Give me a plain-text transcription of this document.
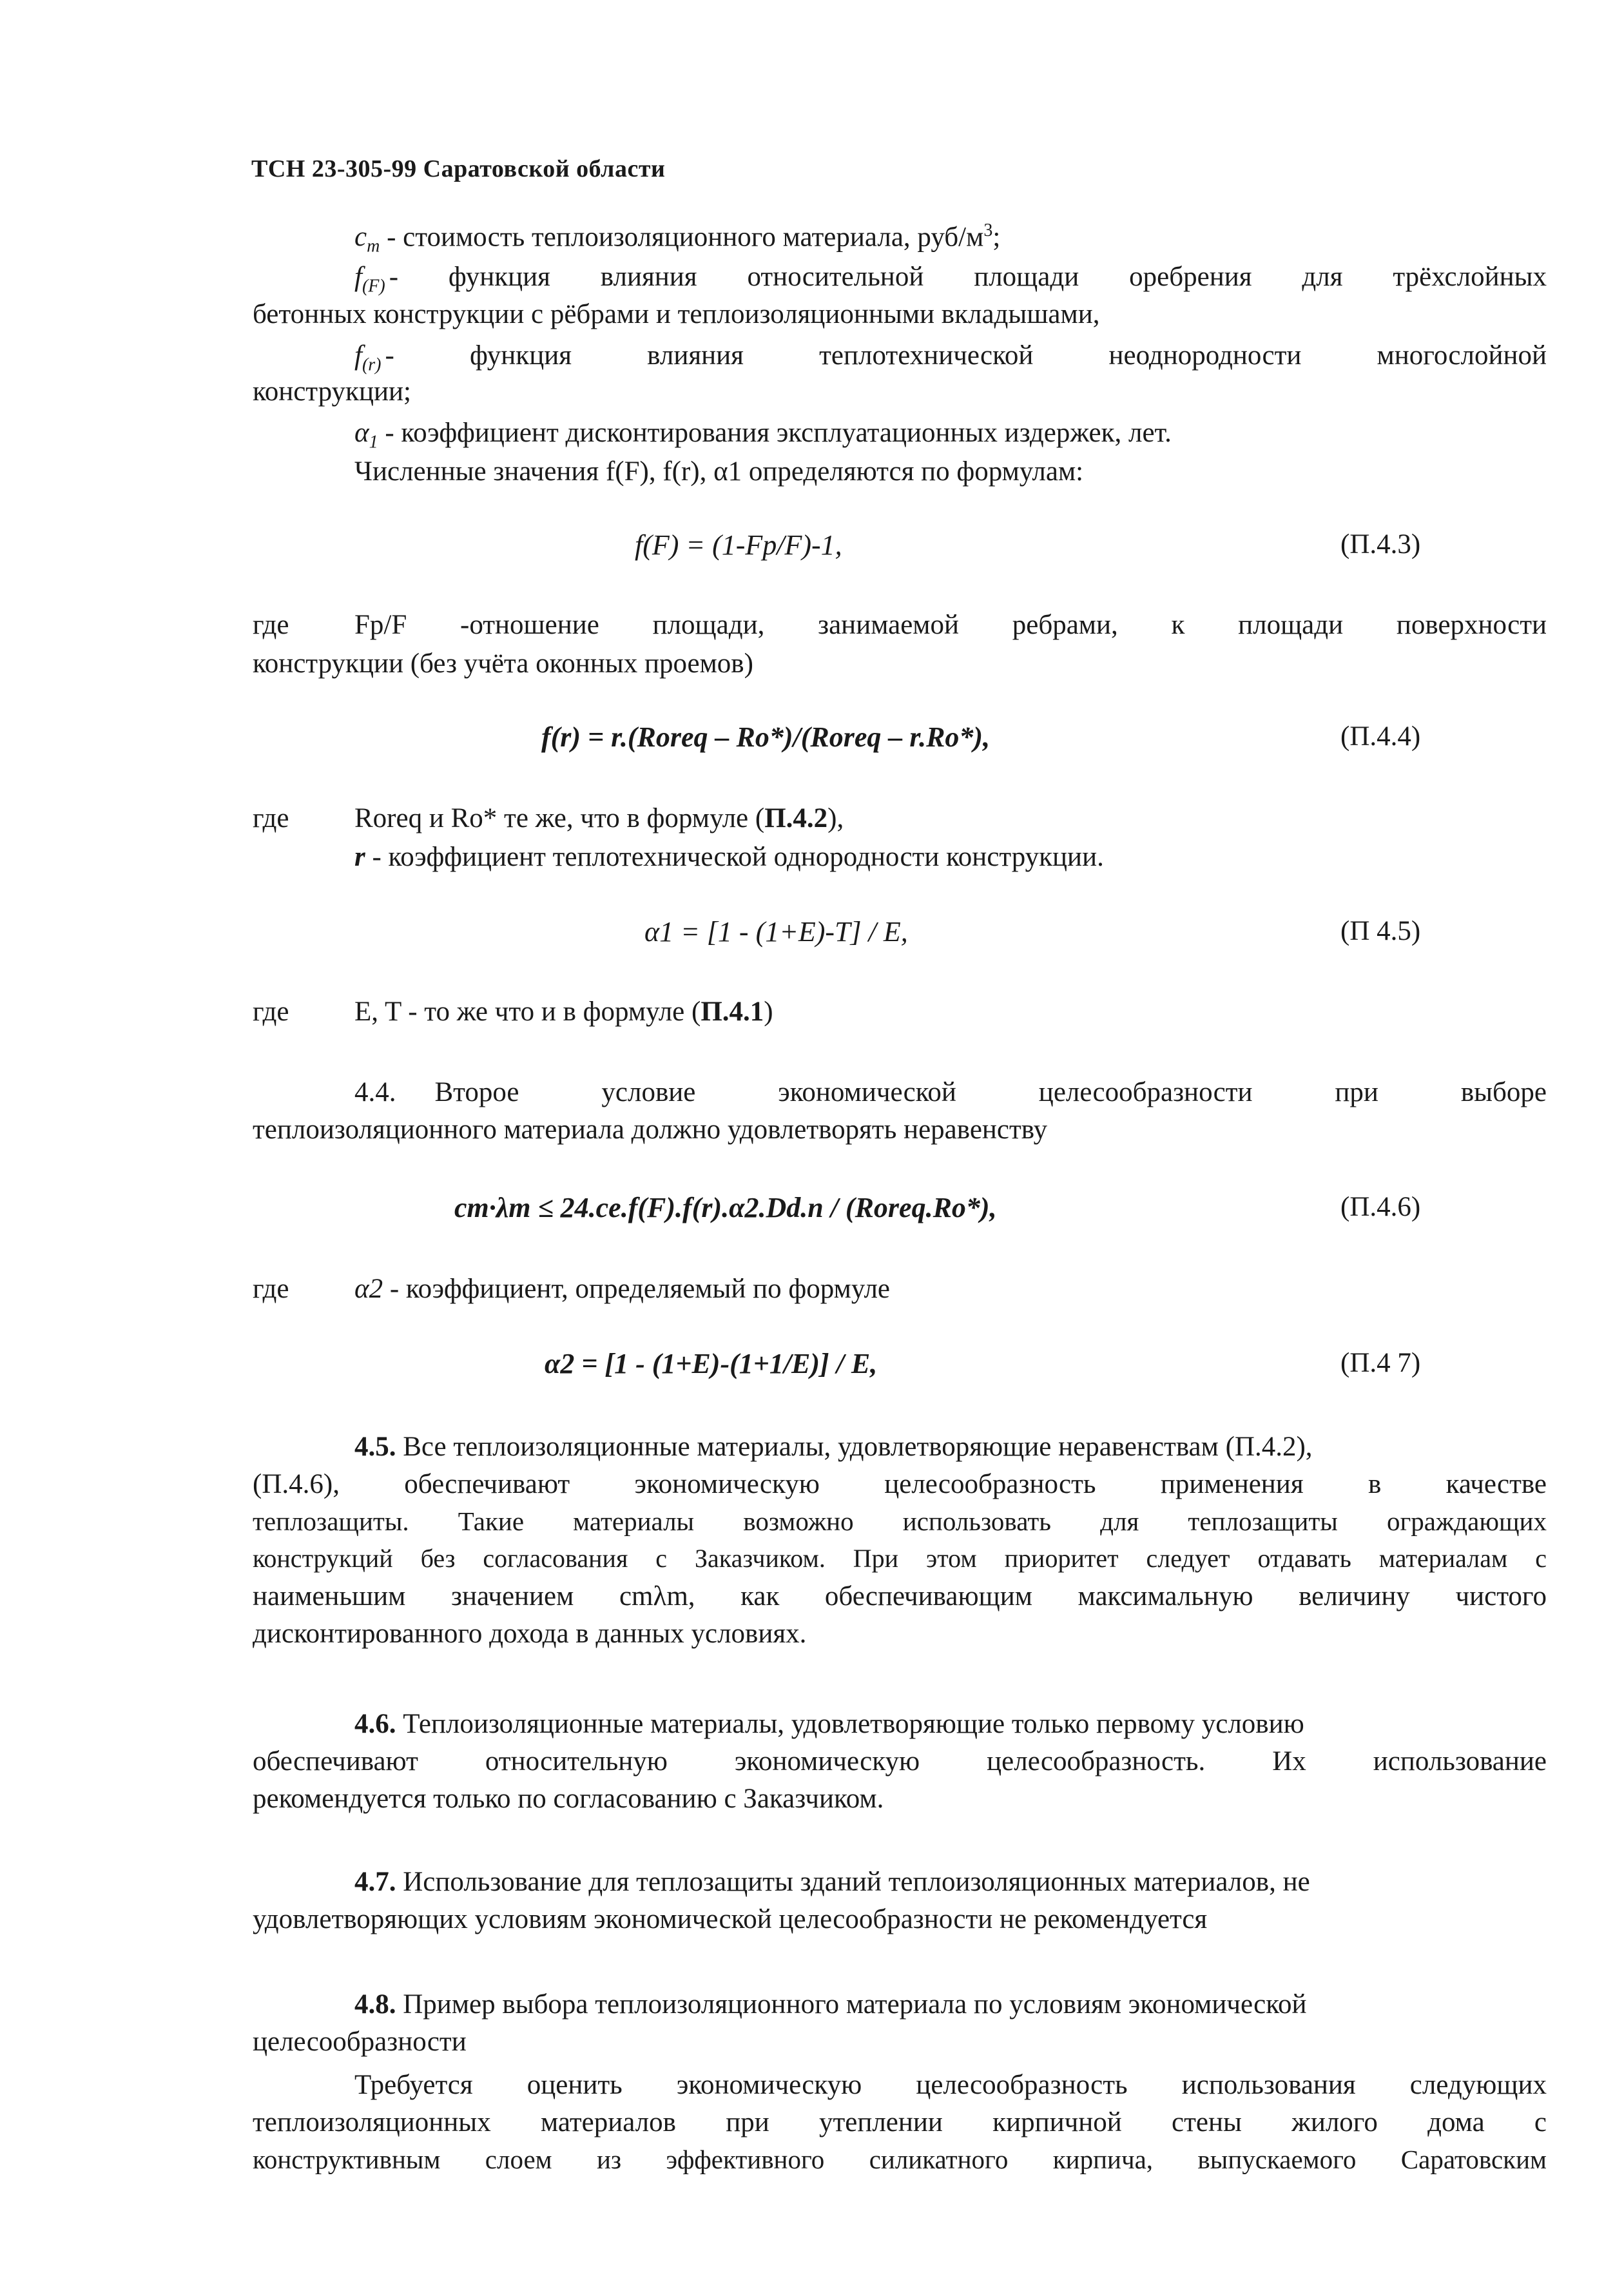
ТСН 23-305-99 Саратовской области
$c_m$ - стоимость теплоизоляционного материала, руб/$м^3$;
$f_{(F)}$ - функция влияния относительной площади оребрения для трёхслойных
бетонных конструкции с рёбрами и теплоизоляционными вкладышами,
$f_{(r)}$ - функция влияния теплотехнической неоднородности многослойной
конструкции;
$\alpha_1$ - коэффициент дисконтирования эксплуатационных издержек, лет.
Численные значения f(F), f(r), α1 определяются по формулам:
f(F) = (1-Fp/F)-1,	(П.4.3)
где Fp/F -отношение площади, занимаемой ребрами, к площади поверхности
конструкции (без учёта оконных проемов)
f(r) = r.(Roreq – Ro*)/(Roreq – r.Ro*),	(П.4.4)
где Roreq и Ro* те же, что в формуле (П.4.2),
r - коэффициент теплотехнической однородности конструкции.
α1 = [1 - (1+E)-T] / E,	(П 4.5)
где E, T - то же что и в формуле (П.4.1)
4.4. Второе условие экономической целесообразности при выборе
теплоизоляционного материала должно удовлетворять неравенству
cm·λm ≤ 24.ce.f(F).f(r).α2.Dd.n / (Roreq.Ro*),	(П.4.6)
где α2 - коэффициент, определяемый по формуле
α2 = [1 - (1+E)-(1+1/E)] / E,	(П.4 7)
4.5. Все теплоизоляционные материалы, удовлетворяющие неравенствам (П.4.2),
(П.4.6), обеспечивают экономическую целесообразность применения в качестве
теплозащиты. Такие материалы возможно использовать для теплозащиты ограждающих
конструкций без согласования с Заказчиком. При этом приоритет следует отдавать материалам с
наименьшим значением cmλm, как обеспечивающим максимальную величину чистого
дисконтированного дохода в данных условиях.
4.6. Теплоизоляционные материалы, удовлетворяющие только первому условию
обеспечивают относительную экономическую целесообразность. Их использование
рекомендуется только по согласованию с Заказчиком.
4.7. Использование для теплозащиты зданий теплоизоляционных материалов, не
удовлетворяющих условиям экономической целесообразности не рекомендуется
4.8. Пример выбора теплоизоляционного материала по условиям экономической
целесообразности
Требуется оценить экономическую целесообразность использования следующих
теплоизоляционных материалов при утеплении кирпичной стены жилого дома с
конструктивным слоем из эффективного силикатного кирпича, выпускаемого Саратовским
